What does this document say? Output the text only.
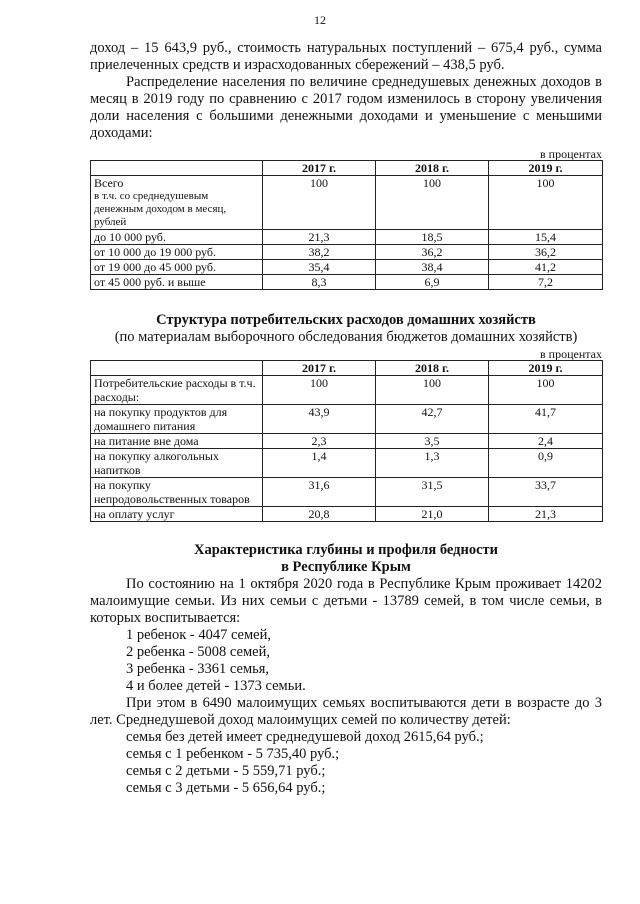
12

доход – 15 643,9 руб., стоимость натуральных поступлений – 675,4 руб., сумма приелеченных средств и израсходованных сбережений – 438,5 руб.

Распределение населения по величине среднедушевых денежных доходов в месяц в 2019 году по сравнению с 2017 годом изменилось в сторону увеличения доли населения с большими денежными доходами и уменьшение с меньшими доходами:

в процентах
	2017 г.	2018 г.	2019 г.

Всего
в т.ч. со среднедушевым денежным доходом в месяц, рублей	100	100	100
до 10 000 руб.	21,3	18,5	15,4
от 10 000 до 19 000 руб.	38,2	36,2	36,2
от 19 000 до 45 000 руб.	35,4	38,4	41,2
от 45 000 руб. и выше	8,3	6,9	7,2
Структура потребительских расходов домашних хозяйств
(по материалам выборочного обследования бюджетов домашних хозяйств)
в процентах
	2017 г.	2018 г.	2019 г.
Потребительские расходы в т.ч. расходы:	100	100	100
на покупку продуктов для домашнего питания	43,9	42,7	41,7
на питание вне дома	2,3	3,5	2,4
на покупку алкогольных напитков	1,4	1,3	0,9
на покупку непродовольственных товаров	31,6	31,5	33,7
на оплату услуг	20,8	21,0	21,3
Характеристика глубины и профиля бедности
в Республике Крым

По состоянию на 1 октября 2020 года в Республике Крым проживает 14202 малоимущие семьи. Из них семьи с детьми - 13789 семей, в том числе семьи, в которых воспитывается:

1 ребенок - 4047 семей,
2 ребенка - 5008 семей,
3 ребенка - 3361 семья,
4 и более детей - 1373 семьи.

При этом в 6490 малоимущих семьях воспитываются дети в возрасте до 3 лет. Среднедушевой доход малоимущих семей по количеству детей:

семья без детей имеет среднедушевой доход 2615,64 руб.;
семья с 1 ребенком - 5 735,40 руб.;
семья с 2 детьми - 5 559,71 руб.;
семья с 3 детьми - 5 656,64 руб.;
